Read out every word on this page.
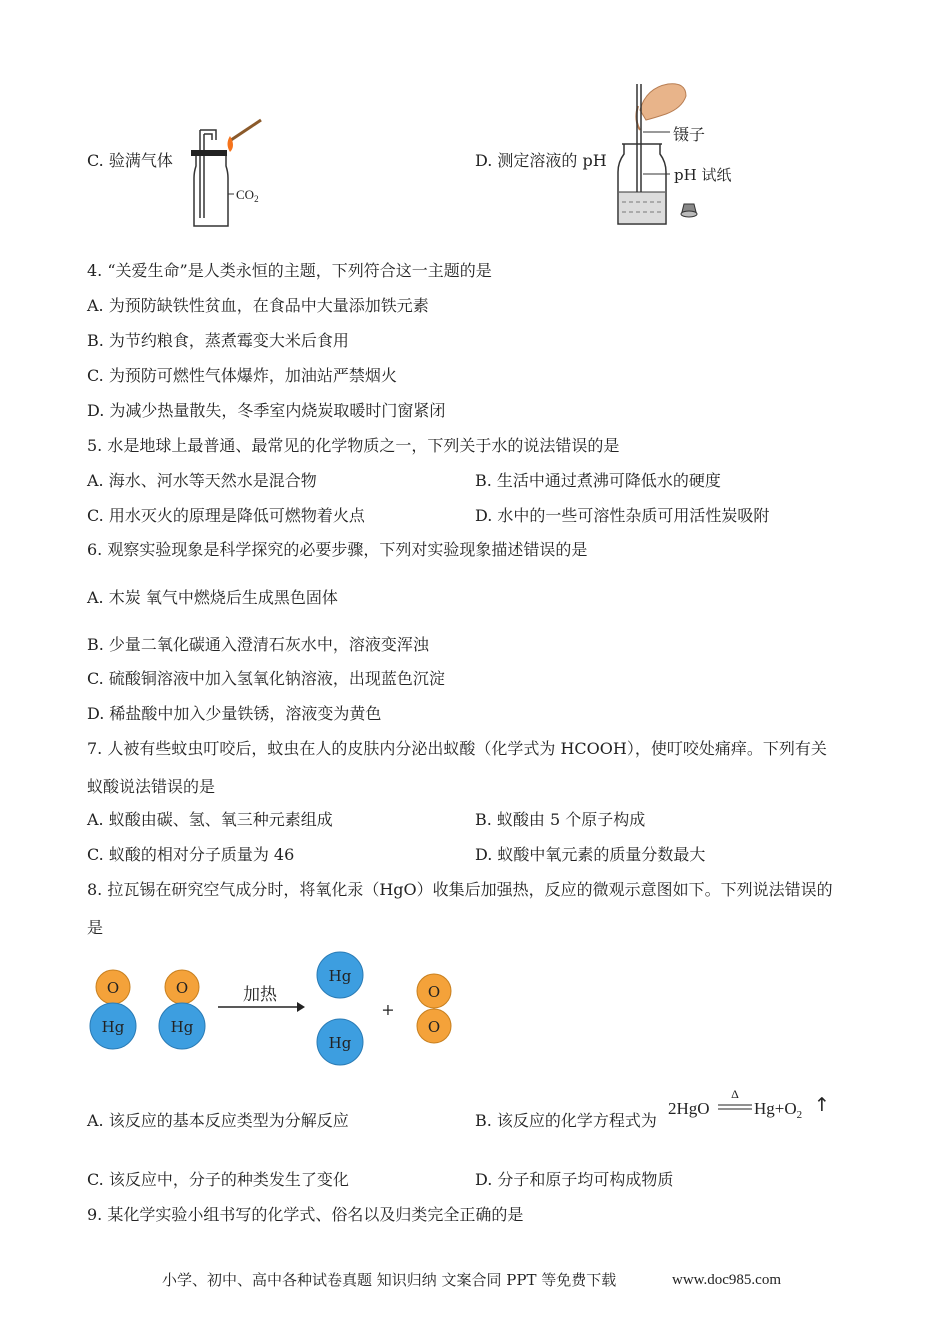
C. 验满气体
$CO_2$
D. 测定溶液的 pH
镊子
pH 试纸
4. “关爱生命”是人类永恒的主题，下列符合这一主题的是
A. 为预防缺铁性贫血，在食品中大量添加铁元素
B. 为节约粮食，蒸煮霉变大米后食用
C. 为预防可燃性气体爆炸，加油站严禁烟火
D. 为减少热量散失，冬季室内烧炭取暖时门窗紧闭
5. 水是地球上最普通、最常见的化学物质之一，下列关于水的说法错误的是
A. 海水、河水等天然水是混合物	B. 生活中通过煮沸可降低水的硬度
C. 用水灭火的原理是降低可燃物着火点	D. 水中的一些可溶性杂质可用活性炭吸附
6. 观察实验现象是科学探究的必要步骤，下列对实验现象描述错误的是
A. 木炭 氧气中燃烧后生成黑色固体
B. 少量二氧化碳通入澄清石灰水中，溶液变浑浊
C. 硫酸铜溶液中加入氢氧化钠溶液，出现蓝色沉淀
D. 稀盐酸中加入少量铁锈，溶液变为黄色
7. 人被有些蚊虫叮咬后，蚊虫在人的皮肤内分泌出蚁酸（化学式为 HCOOH），使叮咬处痛痒。下列有关
蚁酸说法错误的是
A. 蚁酸由碳、氢、氧三种元素组成	B. 蚁酸由 5 个原子构成
C. 蚁酸的相对分子质量为 46	D. 蚁酸中氧元素的质量分数最大
8. 拉瓦锡在研究空气成分时，将氧化汞（HgO）收集后加强热，反应的微观示意图如下。下列说法错误的
是
O
Hg
O
Hg
加热
Hg
Hg
+
O
O
A. 该反应的基本反应类型为分解反应	B. 该反应的化学方程式为
2HgO
Δ
$Hg+O_2$ ↑
C. 该反应中，分子的种类发生了变化	D. 分子和原子均可构成物质
9. 某化学实验小组书写的化学式、俗名以及归类完全正确的是
小学、初中、高中各种试卷真题 知识归纳 文案合同 PPT 等免费下载	www.doc985.com
